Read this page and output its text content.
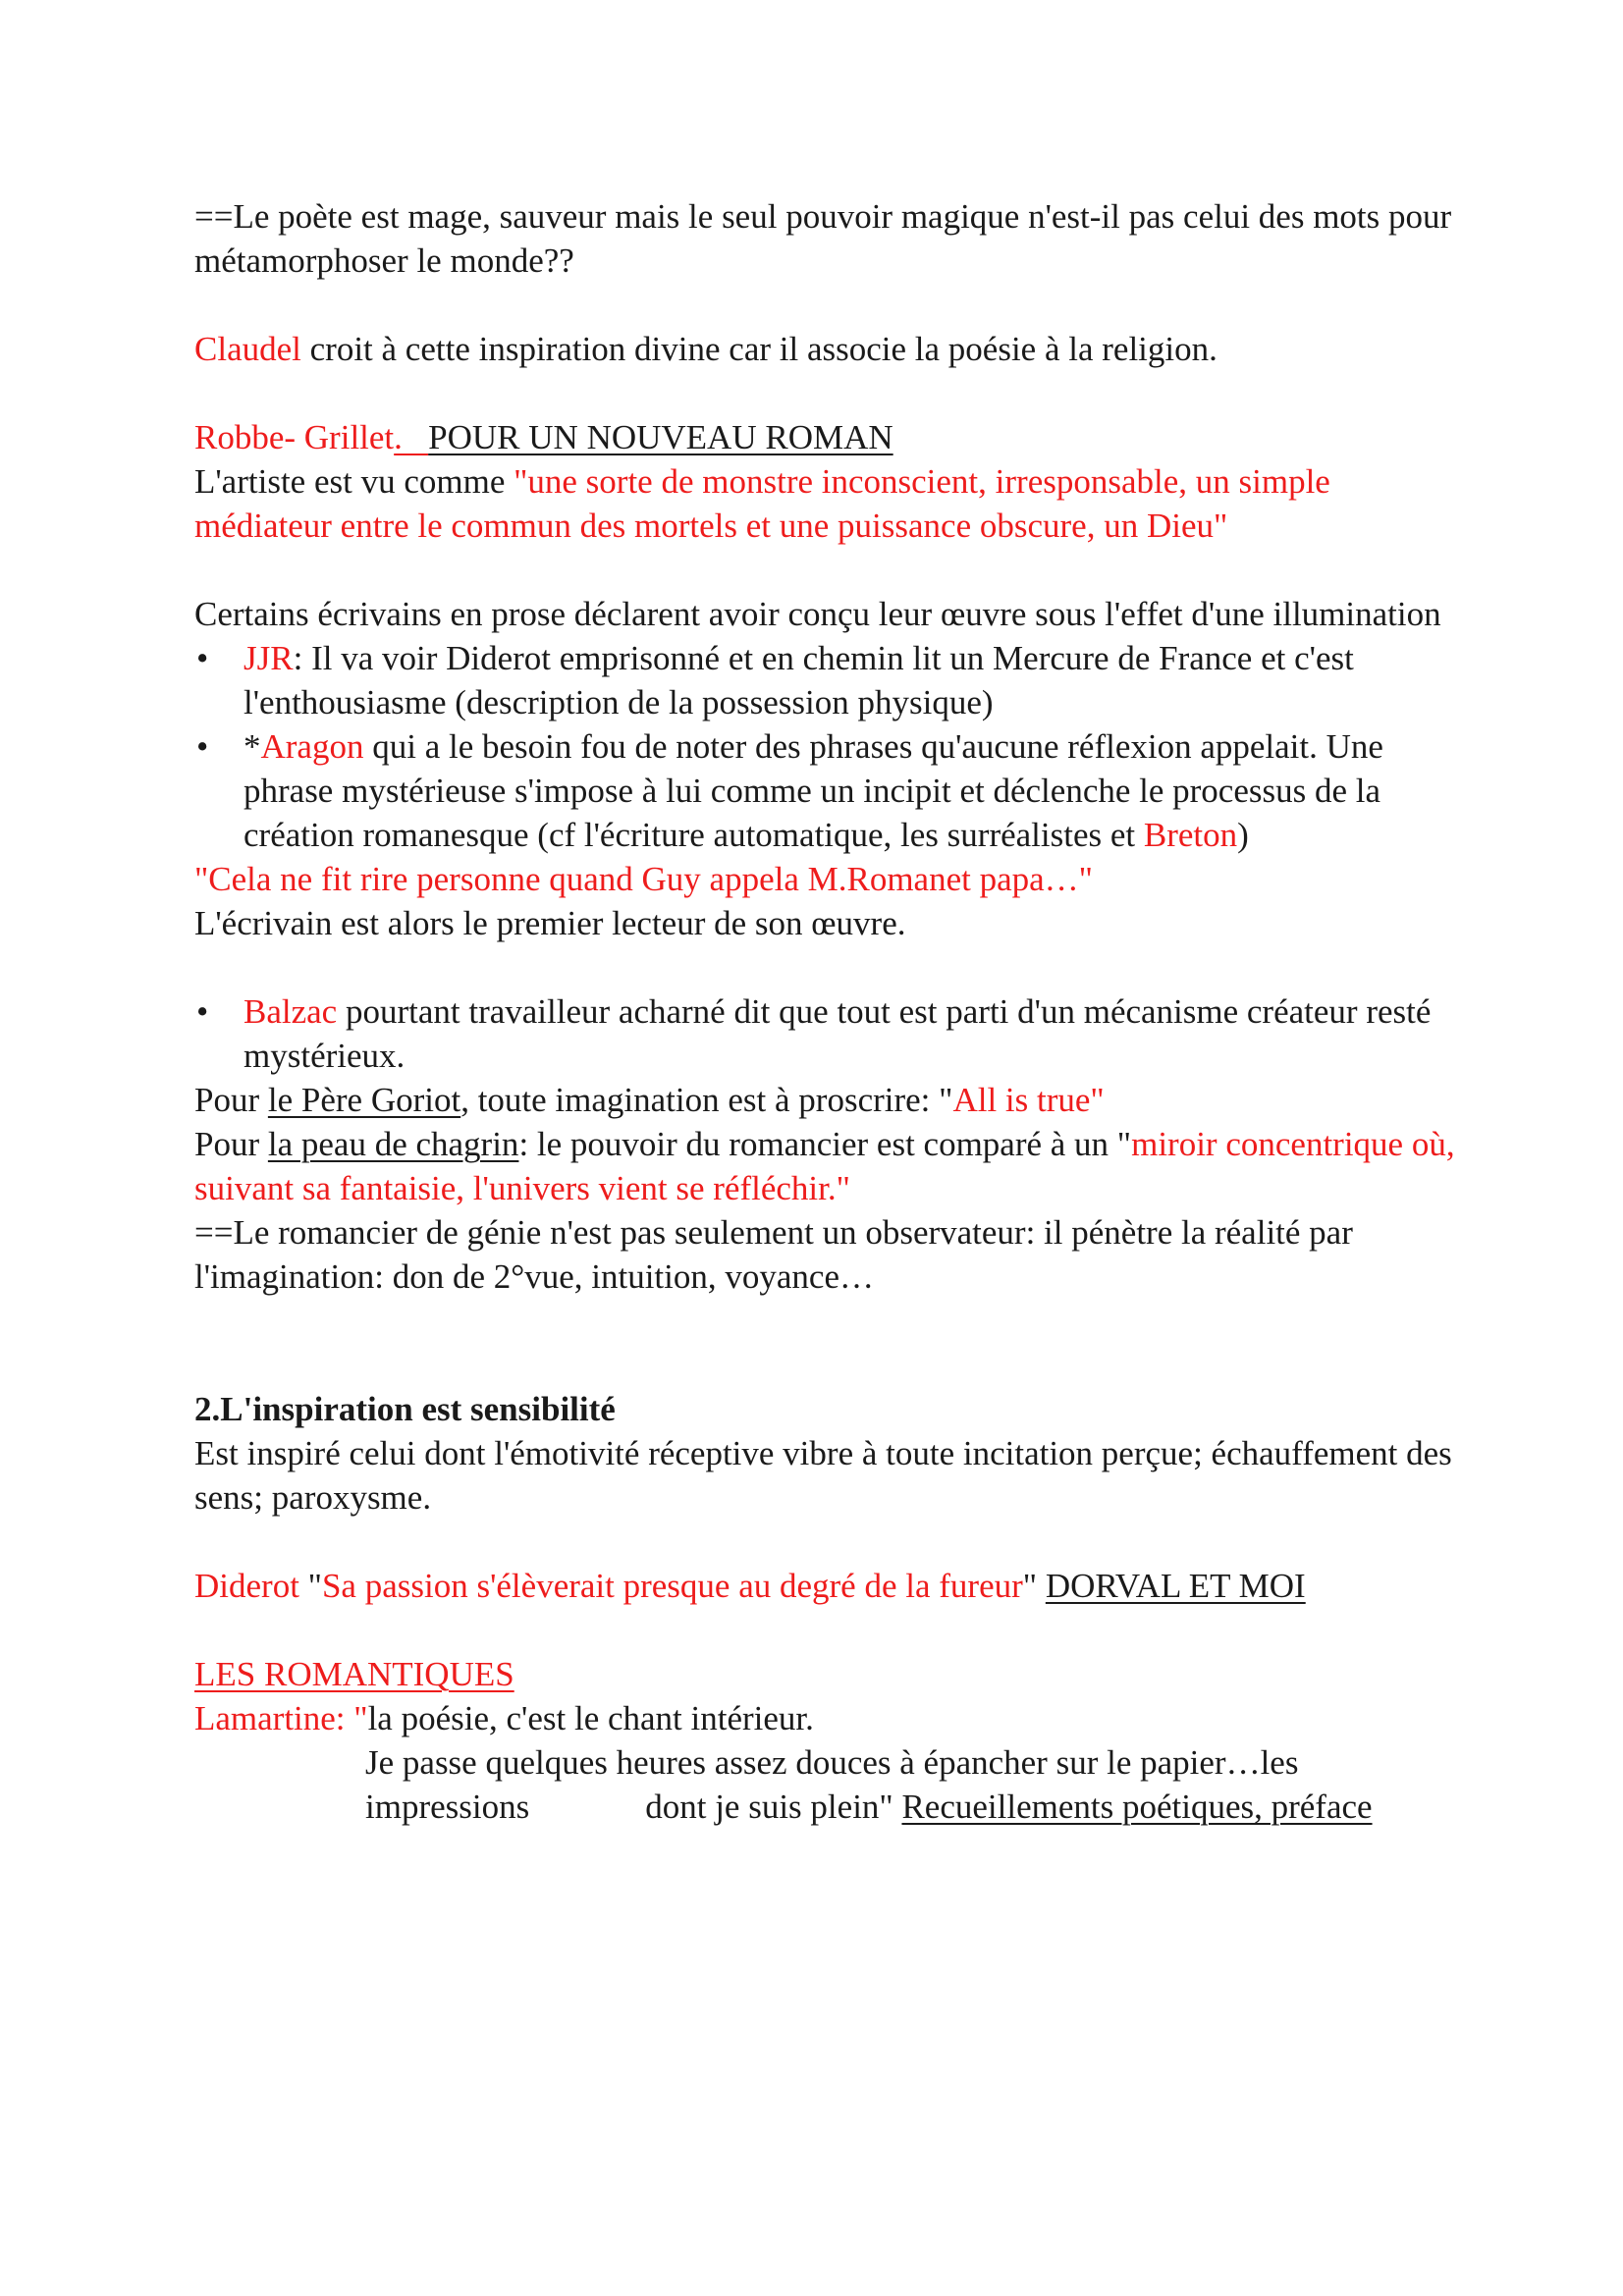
==Le poète est mage, sauveur mais le seul pouvoir magique n'est-il pas celui des mots pour métamorphoser le monde??

Claudel croit à cette inspiration divine car il associe la poésie à la religion.

Robbe- Grillet.   POUR UN NOUVEAU ROMAN

L'artiste est vu comme "une sorte de monstre inconscient, irresponsable, un simple médiateur entre le commun des mortels et une puissance obscure, un Dieu"

Certains écrivains en prose déclarent avoir conçu leur œuvre sous l'effet d'une illumination

• JJR: Il va voir Diderot emprisonné et en chemin lit un Mercure de France et c'est l'enthousiasme (description de la possession physique)
• *Aragon qui a le besoin fou de noter des phrases qu'aucune réflexion appelait. Une phrase mystérieuse s'impose à lui comme un incipit et déclenche le processus de la création romanesque (cf l'écriture automatique, les surréalistes et Breton)

"Cela ne fit rire personne quand Guy appela M.Romanet papa…"

L'écrivain est alors le premier lecteur de son œuvre.

• Balzac pourtant travailleur acharné dit que tout est parti d'un mécanisme créateur resté mystérieux.

Pour le Père Goriot, toute imagination est à proscrire: "All is true"

Pour la peau de chagrin: le pouvoir du romancier est comparé à un "miroir concentrique où, suivant sa fantaisie, l'univers vient se réfléchir."

==Le romancier de génie n'est pas seulement un observateur: il pénètre la réalité par l'imagination: don de 2°vue, intuition, voyance…

2.L'inspiration est sensibilité

Est inspiré celui dont l'émotivité réceptive vibre à toute incitation perçue; échauffement des sens; paroxysme.

Diderot "Sa passion s'élèverait presque au degré de la fureur" DORVAL ET MOI

LES ROMANTIQUES

Lamartine: "la poésie, c'est le chant intérieur.

Je passe quelques heures assez douces à épancher sur le papier…les impressions	dont je suis plein" Recueillements poétiques, préface
